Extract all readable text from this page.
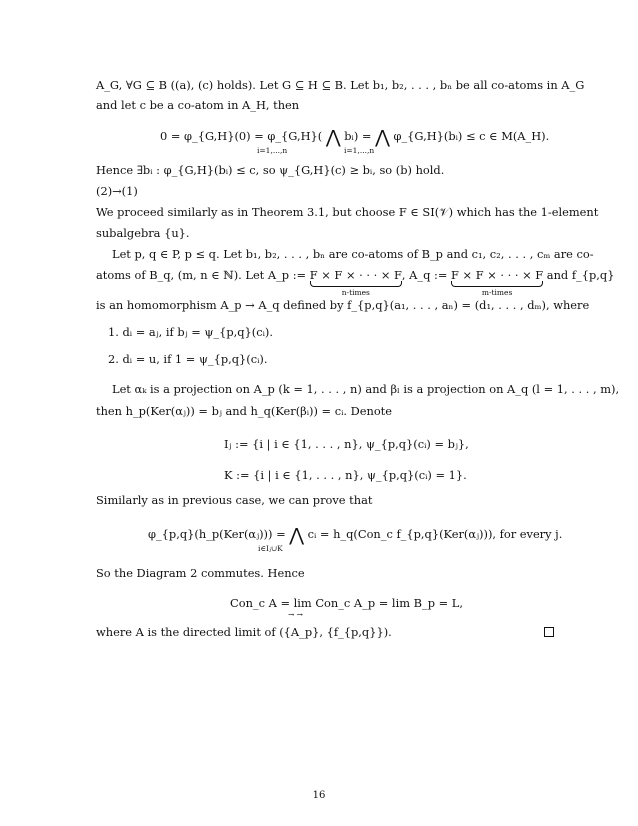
A_G, ∀G ⊆ B ((a), (c) holds). Let G ⊆ H ⊆ B. Let b₁, b₂, . . . , bₙ be all co-atoms in A_G
and let c be a co-atom in A_H, then
0 = φ_{G,H}(0) = φ_{G,H}( ⋀ bᵢ) = ⋀ φ_{G,H}(bᵢ) ≤ c ∈ M(A_H).
i=1,...,n	i=1,...,n
Hence ∃bᵢ : φ_{G,H}(bᵢ) ≤ c, so ψ_{G,H}(c) ≥ bᵢ, so (b) hold.
(2)→(1)
We proceed similarly as in Theorem 3.1, but choose F ∈ SI(𝒱) which has the 1-element
subalgebra {u}.
Let p, q ∈ P, p ≤ q. Let b₁, b₂, . . . , bₙ are co-atoms of B_p and c₁, c₂, . . . , cₘ are co-
atoms of B_q, (m, n ∈ ℕ). Let A_p := F × F × · · · × F
n-times
, A_q := F × F × · · · × F
m-times
and f_{p,q}
is an homomorphism A_p → A_q defined by f_{p,q}(a₁, . . . , aₙ) = (d₁, . . . , dₘ), where
1. dᵢ = aⱼ, if bⱼ = ψ_{p,q}(cᵢ).
2. dᵢ = u, if 1 = ψ_{p,q}(cᵢ).
Let αₖ is a projection on A_p (k = 1, . . . , n) and βₗ is a projection on A_q (l = 1, . . . , m),
then h_p(Ker(αⱼ)) = bⱼ and h_q(Ker(βᵢ)) = cᵢ. Denote
Iⱼ := {i | i ∈ {1, . . . , n}, ψ_{p,q}(cᵢ) = bⱼ},
K := {i | i ∈ {1, . . . , n}, ψ_{p,q}(cᵢ) = 1}.
Similarly as in previous case, we can prove that
φ_{p,q}(h_p(Ker(αⱼ))) = ⋀ cᵢ = h_q(Con_c f_{p,q}(Ker(αⱼ))), for every j.
i∈Iⱼ∪K
So the Diagram 2 commutes. Hence
Con_c A = lim Con_c A_p = lim B_p = L,
→ →
where A is the directed limit of ({A_p}, {f_{p,q}}).
16
